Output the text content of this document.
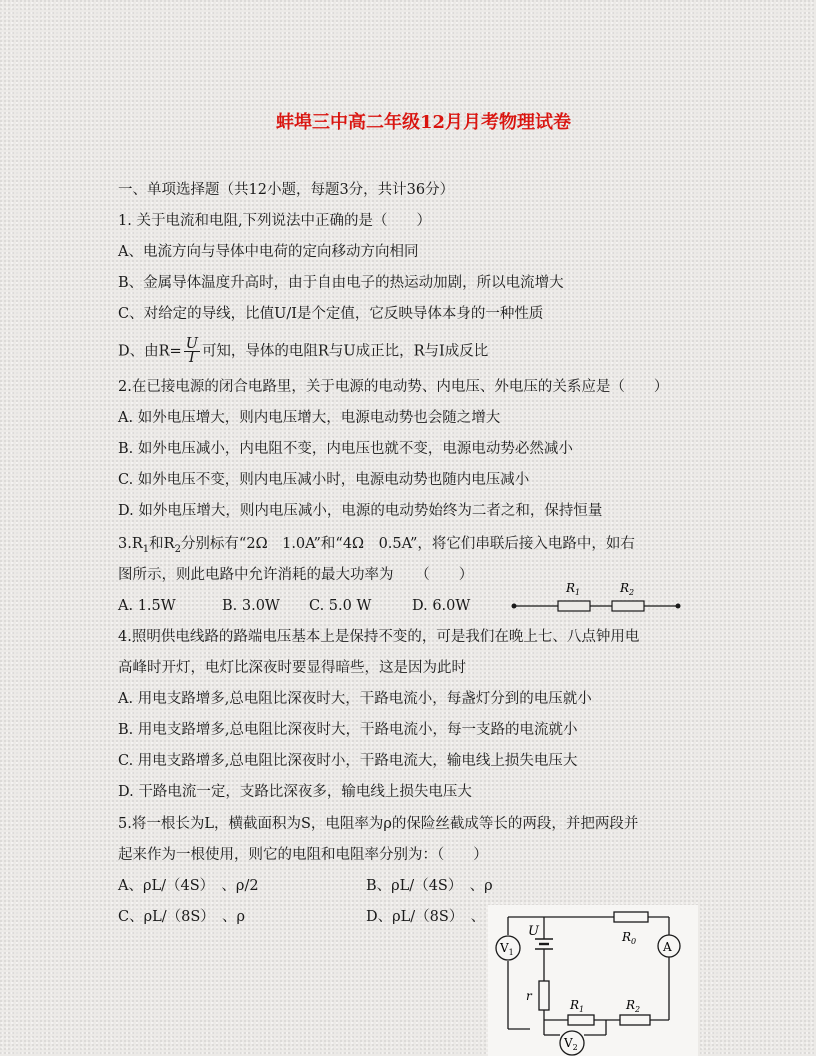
蚌埠三中高二年级12月月考物理试卷
一、单项选择题（共12小题，每题3分，共计36分）
1. 关于电流和电阻,下列说法中正确的是（　　）
A、电流方向与导体中电荷的定向移动方向相同
B、金属导体温度升高时，由于自由电子的热运动加剧，所以电流增大
C、对给定的导线，比值U/I是个定值，它反映导体本身的一种性质
D、由$R= \frac{U}{I}$ 可知，导体的电阻R与U成正比，R与I成反比
2.在已接电源的闭合电路里，关于电源的电动势、内电压、外电压的关系应是（　　）
A. 如外电压增大，则内电压增大，电源电动势也会随之增大
B. 如外电压减小，内电阻不变，内电压也就不变，电源电动势必然减小
C. 如外电压不变，则内电压减小时，电源电动势也随内电压减小
D. 如外电压增大，则内电压减小，电源的电动势始终为二者之和，保持恒量
$3.R_1$和$R_2$分别标有“2Ω　1.0A”和“4Ω　0.5A”，将它们串联后接入电路中，如右
图所示，则此电路中允许消耗的最大功率为　　（　　）
A. 1.5W	B. 3.0W C. 5.0 W	D. 6.0W
$R_1$	$R_2$
4.照明供电线路的路端电压基本上是保持不变的，可是我们在晚上七、八点钟用电
高峰时开灯，电灯比深夜时要显得暗些，这是因为此时
A. 用电支路增多,总电阻比深夜时大，干路电流小，每盏灯分到的电压就小
B. 用电支路增多,总电阻比深夜时大，干路电流小，每一支路的电流就小
C. 用电支路增多,总电阻比深夜时小，干路电流大，输电线上损失电压大
D. 干路电流一定，支路比深夜多，输电线上损失电压大
5.将一根长为L，横截面积为S，电阻率为ρ的保险丝截成等长的两段，并把两段并
起来作为一根使用，则它的电阻和电阻率分别为：（　　）
A、ρL/（4S）　、ρ/2	B、ρL/（4S）　、ρ
C、ρL/（8S）　、ρ	D、ρL/（8S）　、
U
r
$R_0$
$R_1$	$R_2$
A
$V_1$
$V_2$
